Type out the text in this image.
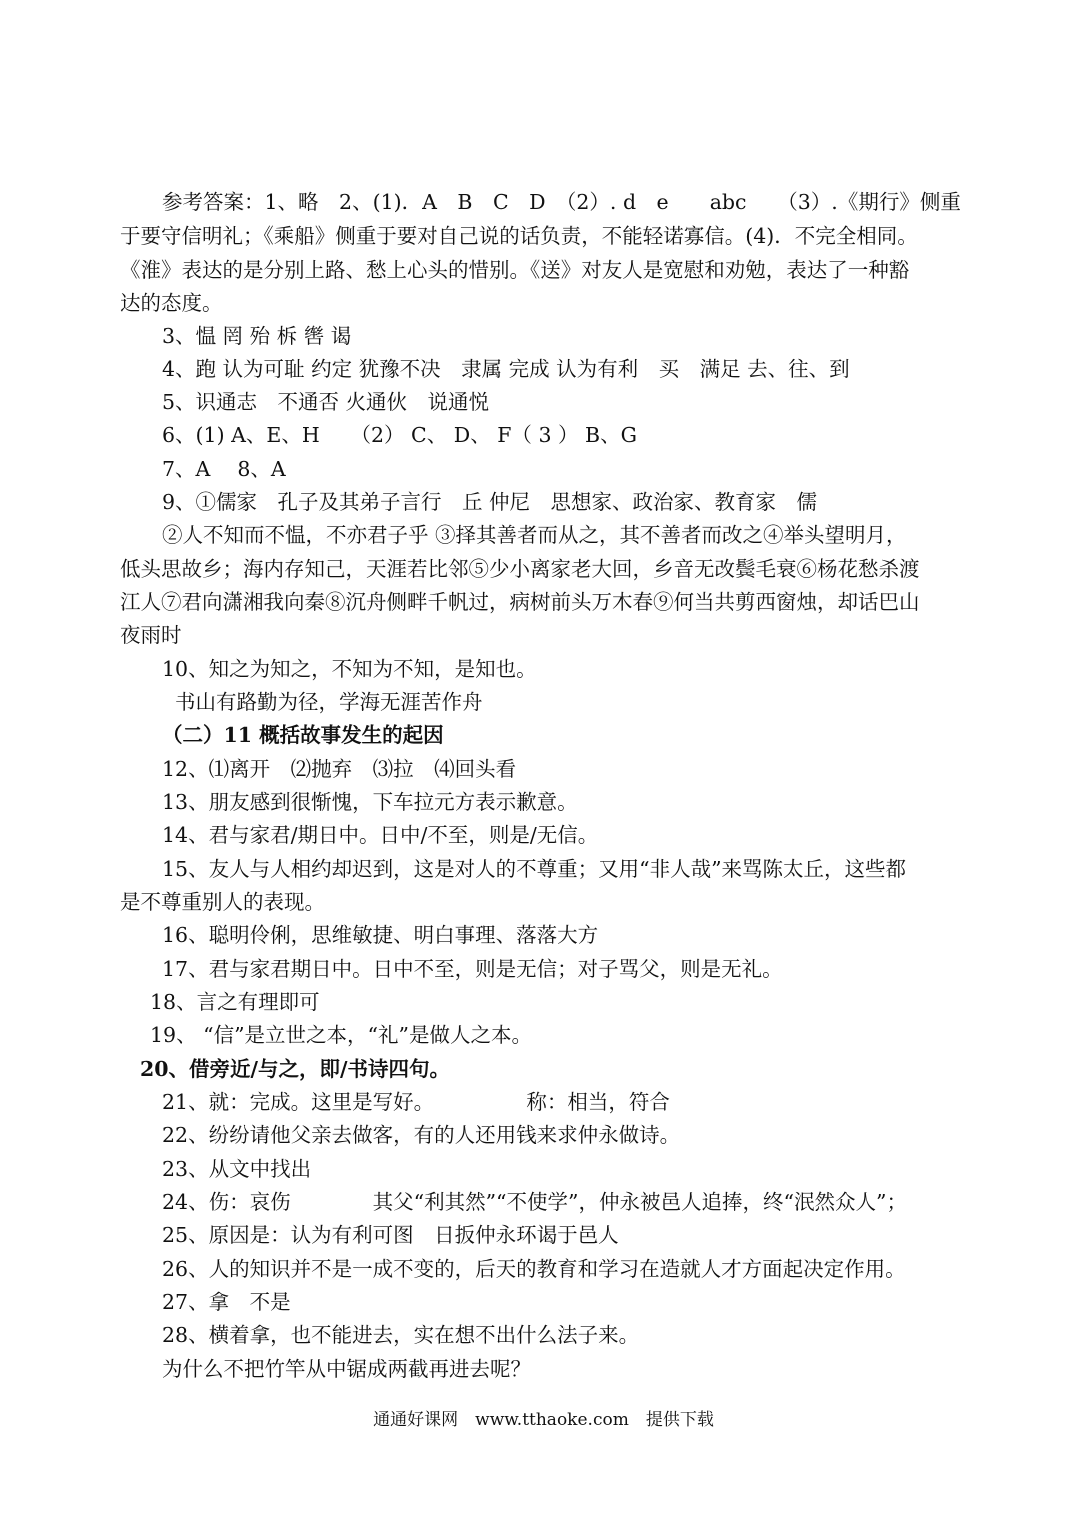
参考答案：1、略　2、(1)．A　B　C　D　（2）. d　e　　abc　　（3）.《期行》侧重
于要守信明礼；《乘船》侧重于要对自己说的话负责，不能轻诺寡信。(4)．不完全相同。
《淮》表达的是分别上路、愁上心头的惜别。《送》对友人是宽慰和劝勉，表达了一种豁
达的态度。
3、愠 罔 殆 柝 辔 谒
4、跑 认为可耻 约定 犹豫不决　隶属 完成 认为有利　买　满足 去、往、到
5、识通志　不通否 火通伙　说通悦
6、(1) A、E、H　　（2） C、 D、 F（ 3 ） B、G
7、A　 8、A
9、①儒家　孔子及其弟子言行　丘 仲尼　思想家、政治家、教育家　儒
②人不知而不愠，不亦君子乎 ③择其善者而从之，其不善者而改之④举头望明月，
低头思故乡；海内存知己，天涯若比邻⑤少小离家老大回，乡音无改鬓毛衰⑥杨花愁杀渡
江人⑦君向潇湘我向秦⑧沉舟侧畔千帆过，病树前头万木春⑨何当共剪西窗烛，却话巴山
夜雨时
10、知之为知之，不知为不知，是知也。
书山有路勤为径，学海无涯苦作舟
（二）11 概括故事发生的起因
12、⑴离开　⑵抛弃　⑶拉　⑷回头看
13、朋友感到很惭愧，下车拉元方表示歉意。
14、君与家君/期日中。日中/不至，则是/无信。
15、友人与人相约却迟到，这是对人的不尊重；又用“非人哉”来骂陈太丘，这些都
是不尊重别人的表现。
16、聪明伶俐，思维敏捷、明白事理、落落大方
17、君与家君期日中。日中不至，则是无信；对子骂父，则是无礼。
18、言之有理即可
19、 “信”是立世之本，“礼”是做人之本。
20、借旁近/与之，即/书诗四句。
21、就：完成。这里是写好。　　　　　称：相当，符合
22、纷纷请他父亲去做客，有的人还用钱来求仲永做诗。
23、从文中找出
24、伤：哀伤　　　　其父“利其然”“不使学”，仲永被邑人追捧，终“泯然众人”；
25、原因是：认为有利可图　日扳仲永环谒于邑人
26、人的知识并不是一成不变的，后天的教育和学习在造就人才方面起决定作用。
27、拿　不是
28、横着拿，也不能进去，实在想不出什么法子来。
为什么不把竹竿从中锯成两截再进去呢？
通通好课网　www.tthaoke.com　提供下载
